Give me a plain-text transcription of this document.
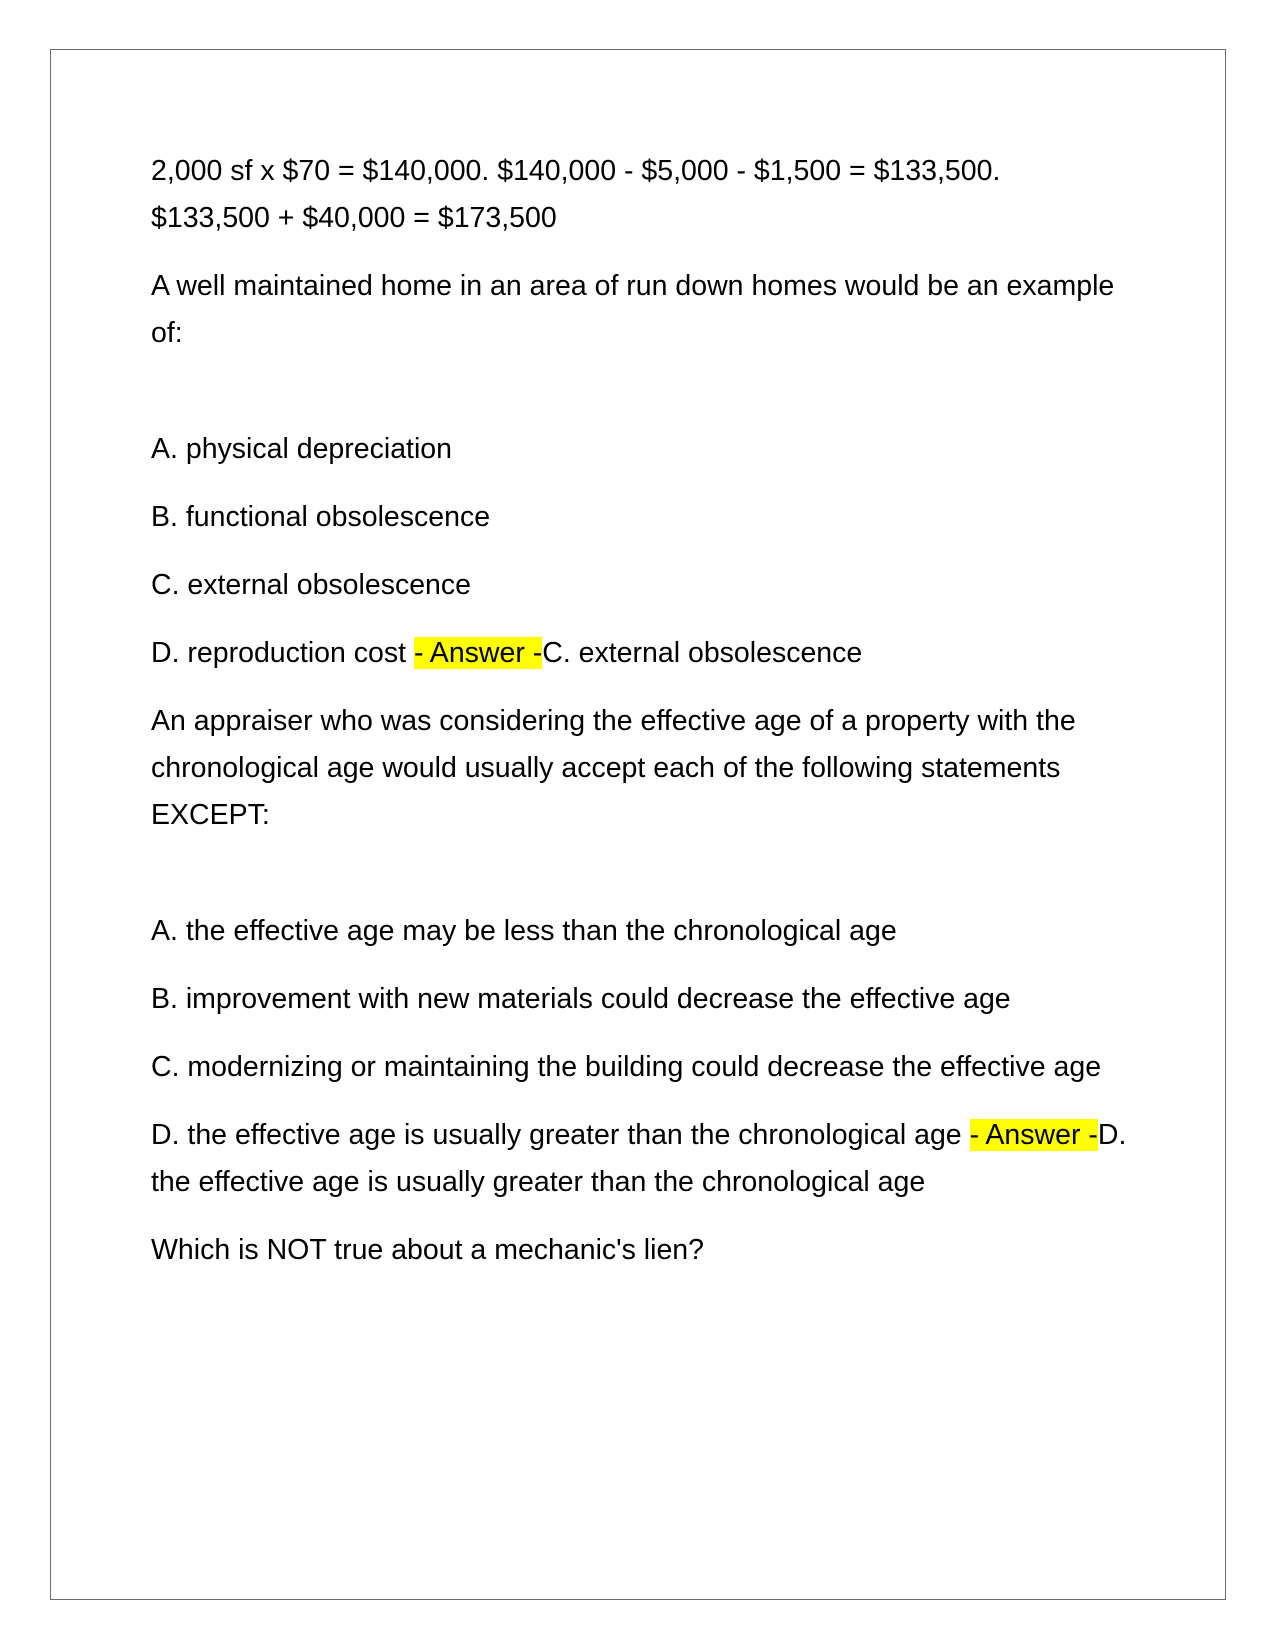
2,000 sf x $70 = $140,000. $140,000 - $5,000 - $1,500 = $133,500.
$133,500 + $40,000 = $173,500

A well maintained home in an area of run down homes would be an example of:

A. physical depreciation

B. functional obsolescence

C. external obsolescence

D. reproduction cost - Answer -C. external obsolescence

An appraiser who was considering the effective age of a property with the chronological age would usually accept each of the following statements EXCEPT:

A. the effective age may be less than the chronological age

B. improvement with new materials could decrease the effective age

C. modernizing or maintaining the building could decrease the effective age

D. the effective age is usually greater than the chronological age - Answer -D. the effective age is usually greater than the chronological age

Which is NOT true about a mechanic's lien?
